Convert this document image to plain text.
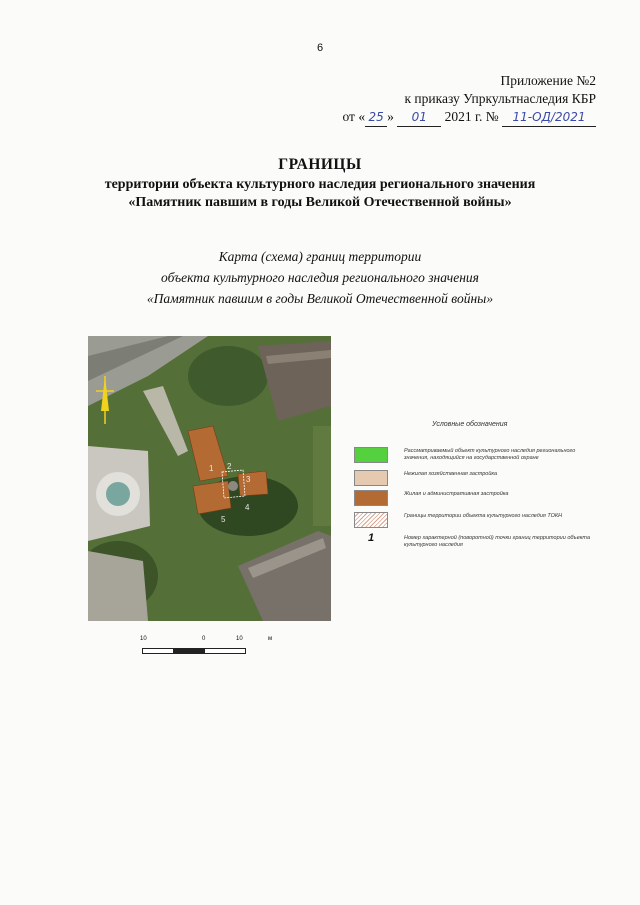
6
Приложение №2
к приказу Упркультнаследия КБР
от « 25 » 01 2021 г. № 11-ОД/2021
ГРАНИЦЫ
территории объекта культурного наследия регионального значения
«Памятник павшим в годы Великой Отечественной войны»
Карта (схема) границ территории
объекта культурного наследия регионального значения
«Памятник павшим в годы Великой Отечественной войны»
1 2
3
4
5
Условные обозначения
Рассматриваемый объект культурного наследия регионального значения, находящийся на государственной охране
Нежилая хозяйственная застройка
Жилая и административная застройка
Границы территории объекта культурного наследия ТОКН
1	Номер характерной (поворотной) точки границ территории объекта культурного наследия
10	0	10	м
